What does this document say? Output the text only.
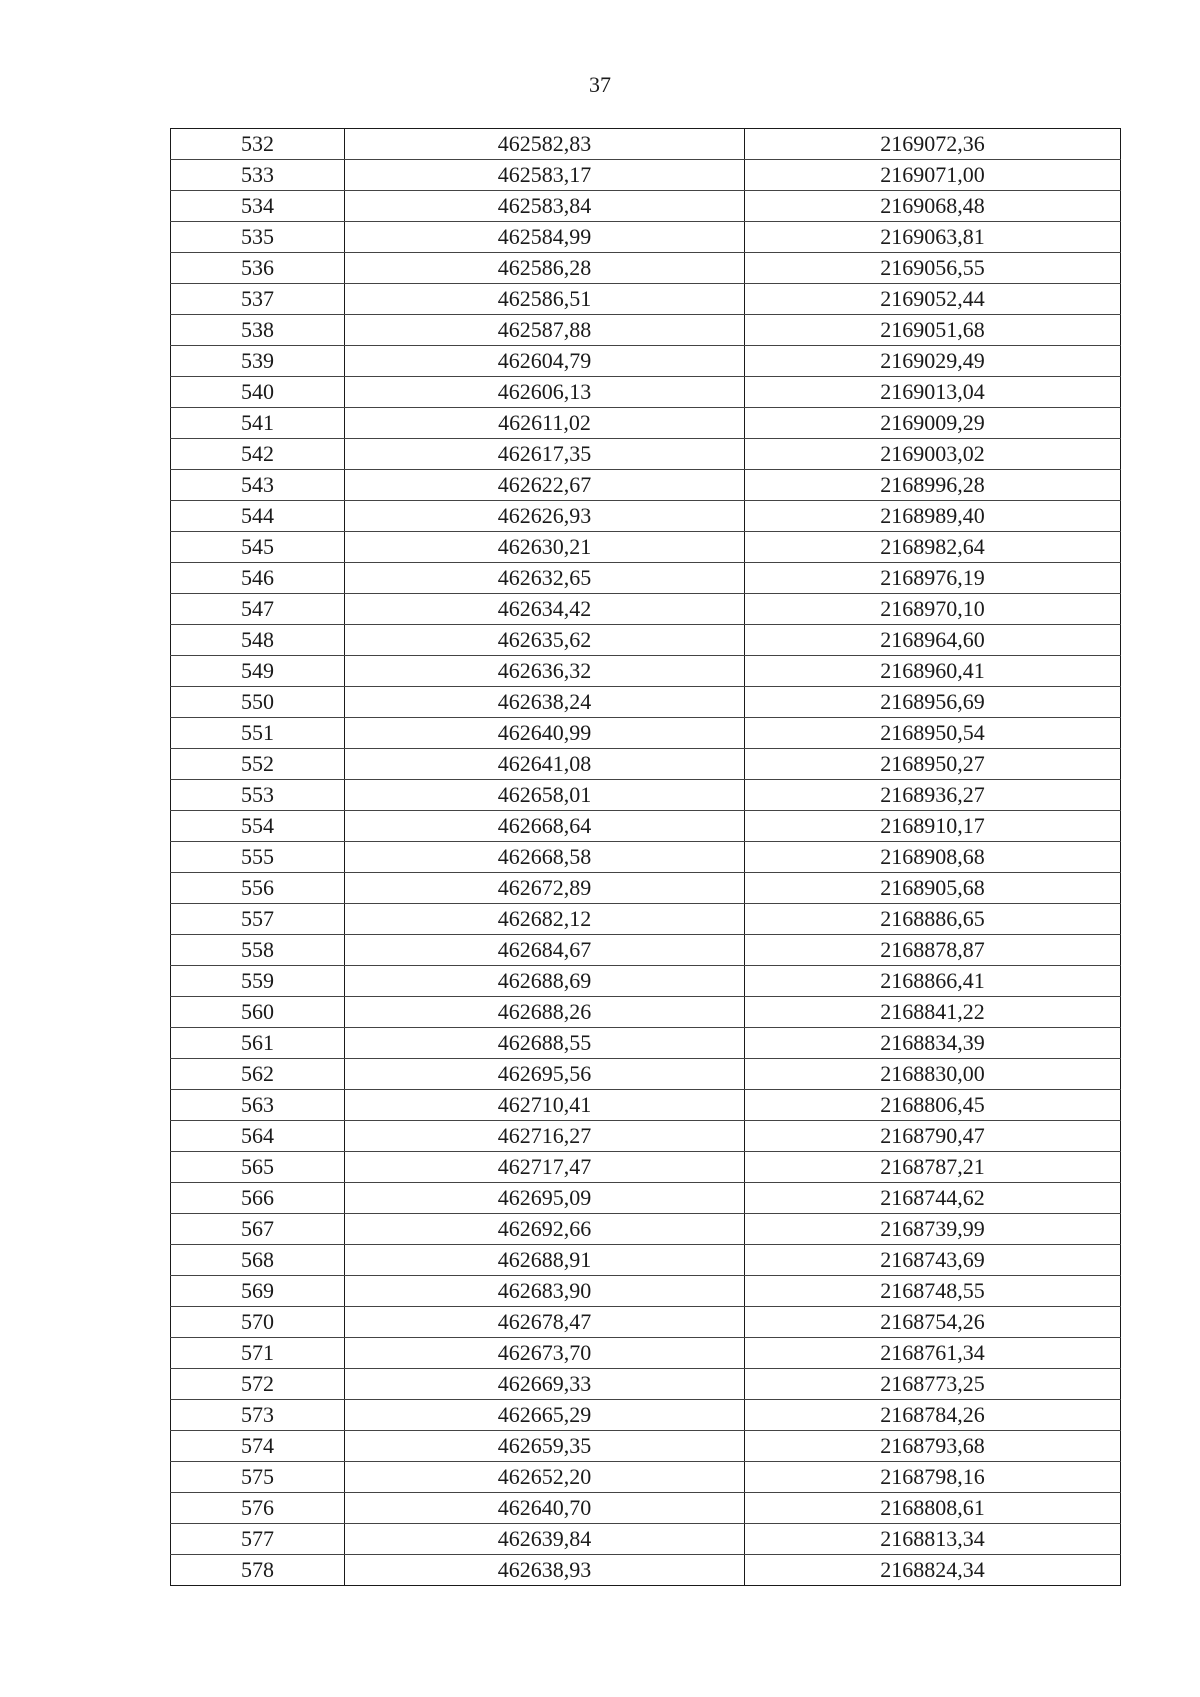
37
532	462582,83	2169072,36
533	462583,17	2169071,00
534	462583,84	2169068,48
535	462584,99	2169063,81
536	462586,28	2169056,55
537	462586,51	2169052,44
538	462587,88	2169051,68
539	462604,79	2169029,49
540	462606,13	2169013,04
541	462611,02	2169009,29
542	462617,35	2169003,02
543	462622,67	2168996,28
544	462626,93	2168989,40
545	462630,21	2168982,64
546	462632,65	2168976,19
547	462634,42	2168970,10
548	462635,62	2168964,60
549	462636,32	2168960,41
550	462638,24	2168956,69
551	462640,99	2168950,54
552	462641,08	2168950,27
553	462658,01	2168936,27
554	462668,64	2168910,17
555	462668,58	2168908,68
556	462672,89	2168905,68
557	462682,12	2168886,65
558	462684,67	2168878,87
559	462688,69	2168866,41
560	462688,26	2168841,22
561	462688,55	2168834,39
562	462695,56	2168830,00
563	462710,41	2168806,45
564	462716,27	2168790,47
565	462717,47	2168787,21
566	462695,09	2168744,62
567	462692,66	2168739,99
568	462688,91	2168743,69
569	462683,90	2168748,55
570	462678,47	2168754,26
571	462673,70	2168761,34
572	462669,33	2168773,25
573	462665,29	2168784,26
574	462659,35	2168793,68
575	462652,20	2168798,16
576	462640,70	2168808,61
577	462639,84	2168813,34
578	462638,93	2168824,34
